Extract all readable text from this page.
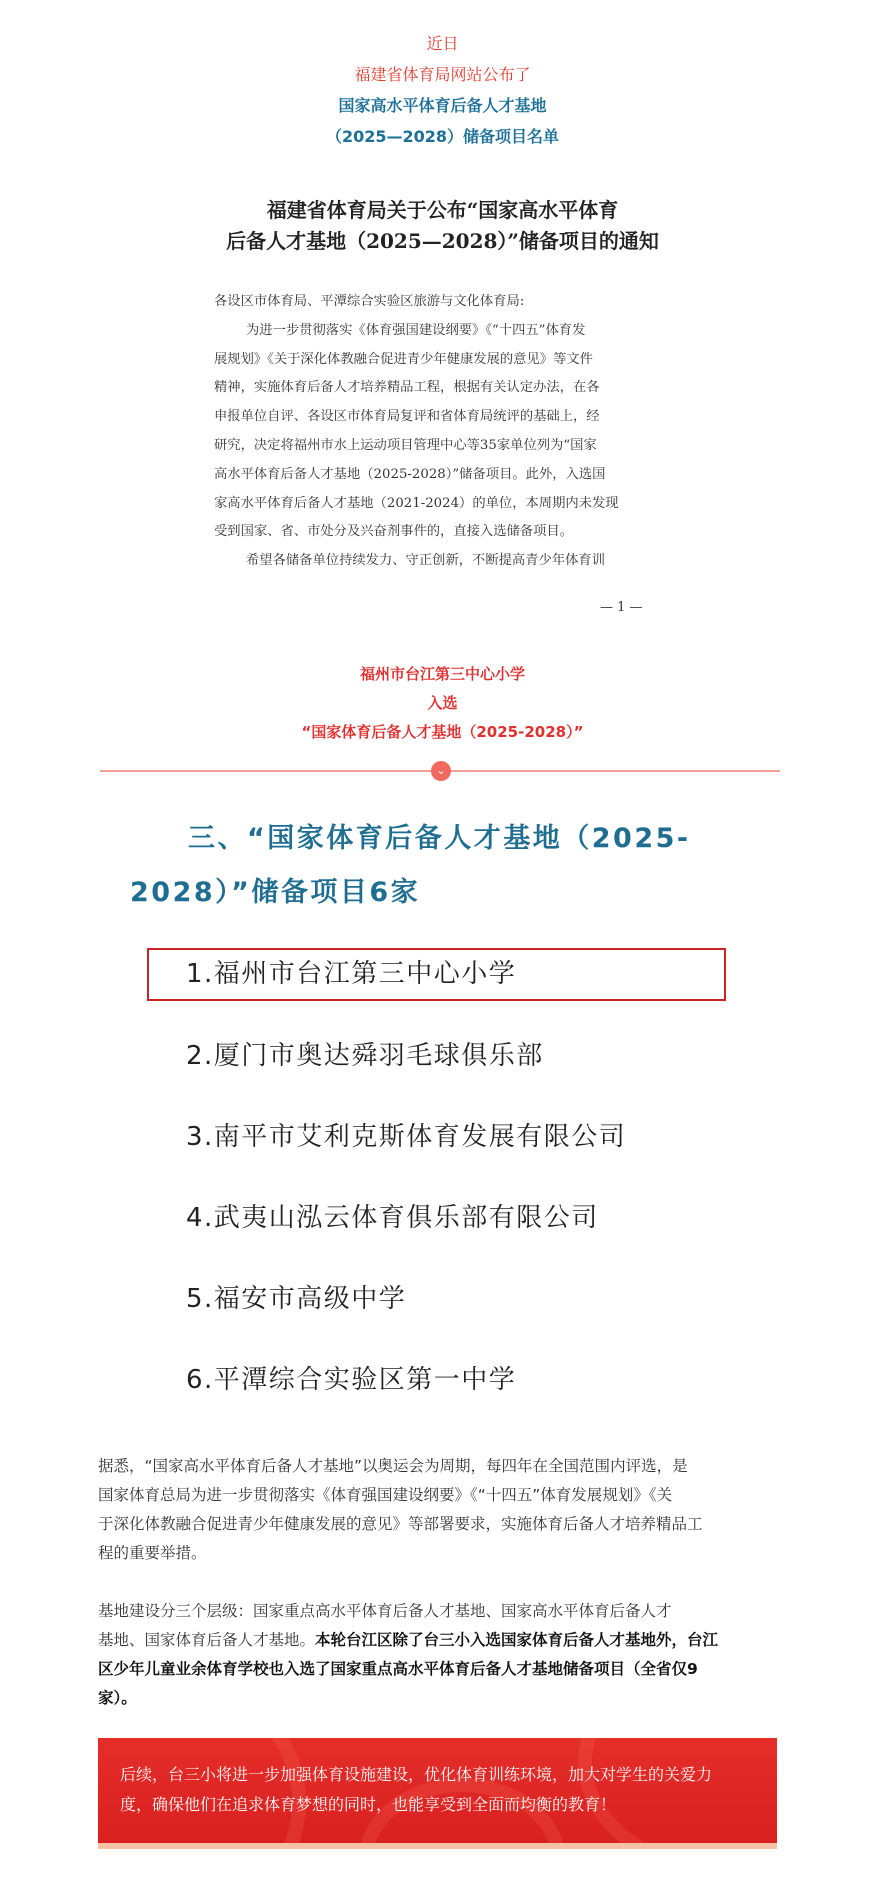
近日
福建省体育局网站公布了
国家高水平体育后备人才基地
（2025—2028）储备项目名单
福建省体育局关于公布“国家高水平体育
后备人才基地（2025—2028）”储备项目的通知

各设区市体育局、平潭综合实验区旅游与文化体育局:

为进一步贯彻落实《体育强国建设纲要》《“十四五”体育发

展规划》《关于深化体教融合促进青少年健康发展的意见》等文件

精神，实施体育后备人才培养精品工程，根据有关认定办法，在各

申报单位自评、各设区市体育局复评和省体育局统评的基础上，经

研究，决定将福州市水上运动项目管理中心等35家单位列为“国家

高水平体育后备人才基地（2025-2028）”储备项目。此外，入选国

家高水平体育后备人才基地（2021-2024）的单位，本周期内未发现

受到国家、省、市处分及兴奋剂事件的，直接入选储备项目。

希望各储备单位持续发力、守正创新，不断提高青少年体育训

— 1 —
福州市台江第三中心小学
入选
“国家体育后备人才基地（2025-2028）”
⌄
三、“国家体育后备人才基地（2025-
2028）”储备项目6家
1.福州市台江第三中心小学
2.厦门市奥达舜羽毛球俱乐部
3.南平市艾利克斯体育发展有限公司
4.武夷山泓云体育俱乐部有限公司
5.福安市高级中学
6.平潭综合实验区第一中学

据悉，“国家高水平体育后备人才基地”以奥运会为周期，每四年在全国范围内评选，是

国家体育总局为进一步贯彻落实《体育强国建设纲要》《“十四五”体育发展规划》《关

于深化体教融合促进青少年健康发展的意见》等部署要求，实施体育后备人才培养精品工

程的重要举措。

基地建设分三个层级：国家重点高水平体育后备人才基地、国家高水平体育后备人才

基地、国家体育后备人才基地。本轮台江区除了台三小入选国家体育后备人才基地外，台江

区少年儿童业余体育学校也入选了国家重点高水平体育后备人才基地储备项目（全省仅9

家）。

后续，台三小将进一步加强体育设施建设，优化体育训练环境，加大对学生的关爱力
度，确保他们在追求体育梦想的同时，也能享受到全面而均衡的教育！
